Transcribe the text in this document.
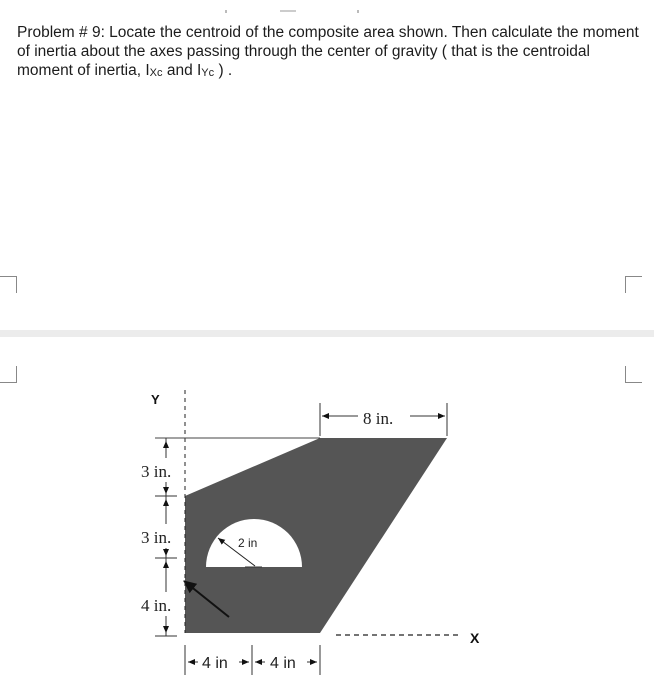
Problem # 9: Locate the centroid of the composite area shown. Then calculate the moment of inertia about the axes passing through the center of gravity ( that is the centroidal moment of inertia, IXc and IYc ) .
2 in
Y
X
8 in.
3 in.
3 in.
4 in.
4 in	4 in
